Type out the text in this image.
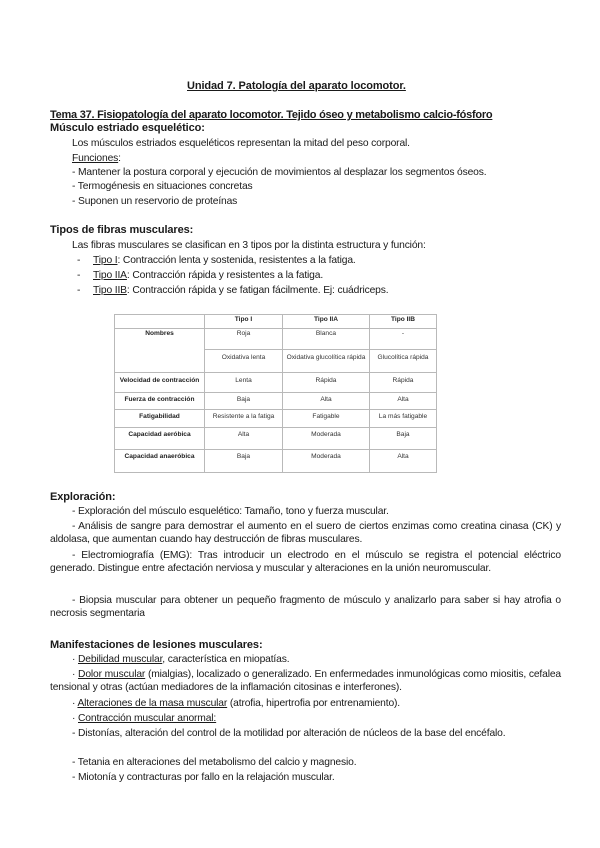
Unidad 7. Patología del aparato locomotor.
Tema 37. Fisiopatología del aparato locomotor. Tejido óseo y metabolismo calcio-fósforo
Músculo estriado esquelético:
Los músculos estriados esqueléticos representan la mitad del peso corporal.
Funciones:
- Mantener la postura corporal y ejecución de movimientos al desplazar los segmentos óseos.
- Termogénesis en situaciones concretas
- Suponen un reservorio de proteínas
Tipos de fibras musculares:
Las fibras musculares se clasifican en 3 tipos por la distinta estructura y función:
- Tipo I: Contracción lenta y sostenida, resistentes a la fatiga.
- Tipo IIA: Contracción rápida y resistentes a la fatiga.
- Tipo IIB: Contracción rápida y se fatigan fácilmente. Ej: cuádriceps.
	Tipo I	Tipo IIA	Tipo IIB
Nombres	Roja	Blanca	-
	Oxidativa lenta	Oxidativa glucolítica rápida	Glucolítica rápida
Velocidad de contracción	Lenta	Rápida	Rápida
Fuerza de contracción	Baja	Alta	Alta
Fatigabilidad	Resistente a la fatiga	Fatigable	La más fatigable
Capacidad aeróbica	Alta	Moderada	Baja
Capacidad anaeróbica	Baja	Moderada	Alta
Exploración:
- Exploración del músculo esquelético: Tamaño, tono y fuerza muscular.
- Análisis de sangre para demostrar el aumento en el suero de ciertos enzimas como creatina cinasa (CK) y aldolasa, que aumentan cuando hay destrucción de fibras musculares.
- Electromiografía (EMG): Tras introducir un electrodo en el músculo se registra el potencial eléctrico generado. Distingue entre afectación nerviosa y muscular y alteraciones en la unión neuromuscular.
- Biopsia muscular para obtener un pequeño fragmento de músculo y analizarlo para saber si hay atrofia o necrosis segmentaria
Manifestaciones de lesiones musculares:
· Debilidad muscular, característica en miopatías.
· Dolor muscular (mialgias), localizado o generalizado. En enfermedades inmunológicas como miositis, cefalea tensional y otras (actúan mediadores de la inflamación citosinas e interferones).
· Alteraciones de la masa muscular (atrofia, hipertrofia por entrenamiento).
· Contracción muscular anormal:
- Distonías, alteración del control de la motilidad por alteración de núcleos de la base del encéfalo.
- Tetania en alteraciones del metabolismo del calcio y magnesio.
- Miotonía y contracturas por fallo en la relajación muscular.
